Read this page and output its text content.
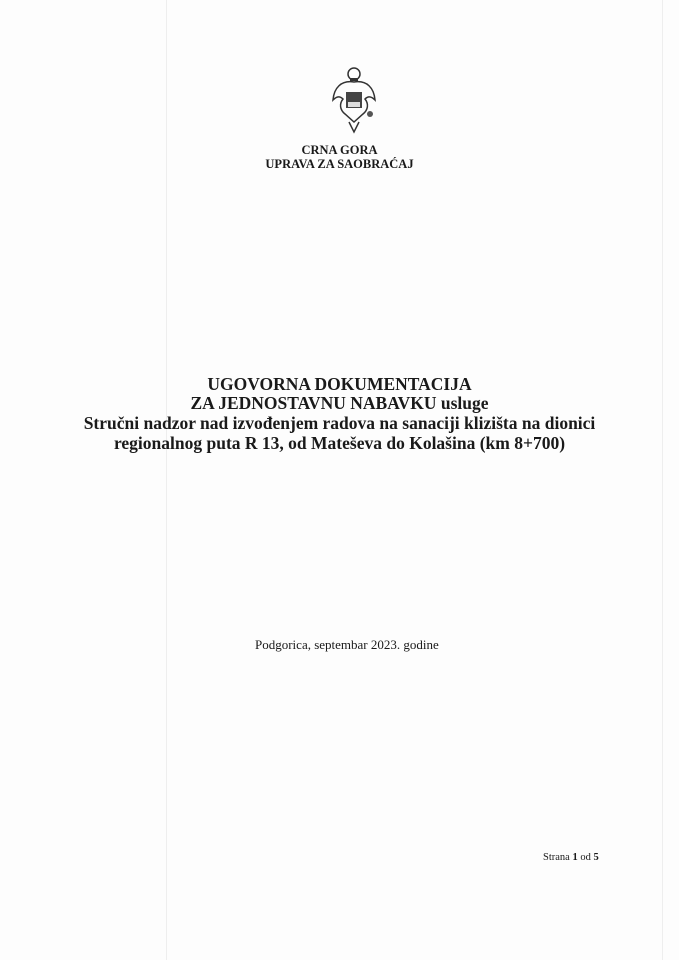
CRNA GORA
UPRAVA ZA SAOBRAĆAJ
UGOVORNA DOKUMENTACIJA
ZA JEDNOSTAVNU NABAVKU usluge
Stručni nadzor nad izvođenjem radova na sanaciji klizišta na dionici
regionalnog puta R 13, od Mateševa do Kolašina (km 8+700)
Podgorica, septembar 2023. godine
Strana 1 od 5
